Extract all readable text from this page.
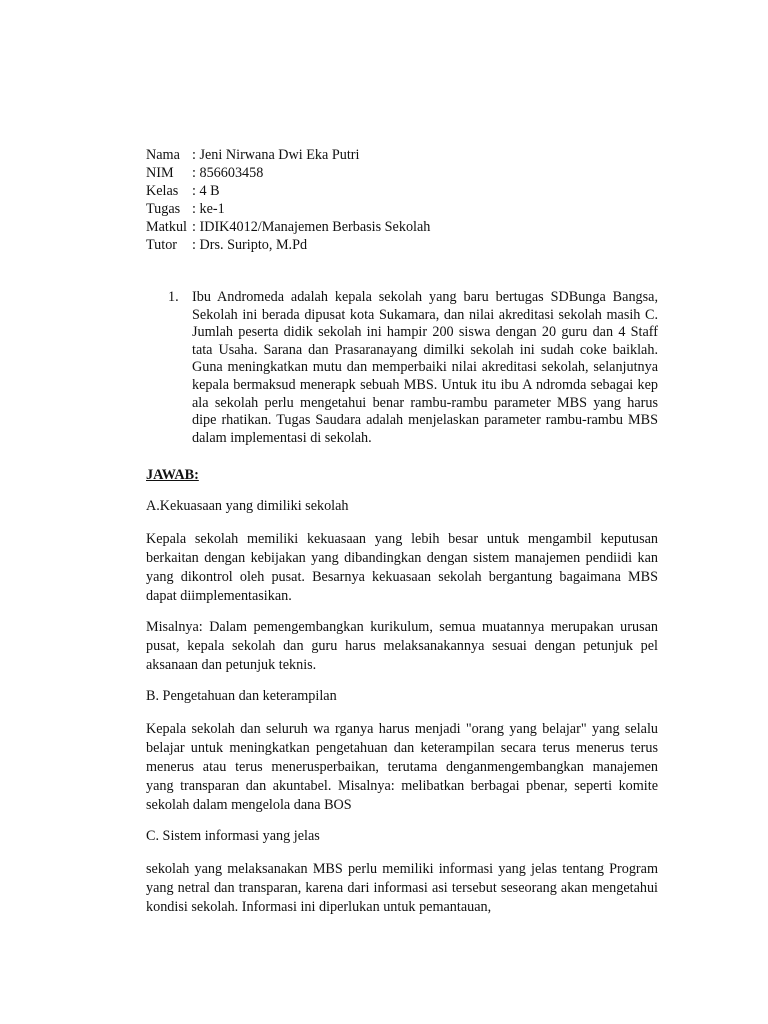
Nama : Jeni Nirwana Dwi Eka Putri
NIM	: 856603458
Kelas : 4 B
Tugas : ke-1
Matkul : IDIK4012/Manajemen Berbasis Sekolah
Tutor	: Drs. Suripto, M.Pd
1. Ibu Andromeda adalah kepala sekolah yang baru bertugas SDBunga Bangsa, Sekolah ini berada dipusat kota Sukamara, dan nilai akreditasi sekolah masih C. Jumlah peserta didik sekolah ini hampir 200 siswa dengan 20 guru dan 4 Staff tata Usaha. Sarana dan Prasaranayang dimilki sekolah ini sudah coke baiklah. Guna meningkatkan mutu dan memperbaiki nilai akreditasi sekolah, selanjutnya kepala bermaksud menerapk sebuah MBS. Untuk itu ibu A ndromda sebagai kep ala sekolah perlu mengetahui benar rambu-rambu parameter MBS yang harus dipe rhatikan. Tugas Saudara adalah menjelaskan parameter rambu-rambu MBS dalam implementasi di sekolah.
JAWAB:
A.Kekuasaan yang dimiliki sekolah
Kepala sekolah memiliki kekuasaan yang lebih besar untuk mengambil keputusan berkaitan dengan kebijakan yang dibandingkan dengan sistem manajemen pendiidi kan yang dikontrol oleh pusat. Besarnya kekuasaan sekolah bergantung bagaimana MBS dapat diimplementasikan.
Misalnya: Dalam pemengembangkan kurikulum, semua muatannya merupakan urusan pusat, kepala sekolah dan guru harus melaksanakannya sesuai dengan petunjuk pel aksanaan dan petunjuk teknis.
B. Pengetahuan dan keterampilan
Kepala sekolah dan seluruh wa rganya harus menjadi "orang yang belajar" yang selalu belajar untuk meningkatkan pengetahuan dan keterampilan secara terus menerus terus menerus atau terus menerusperbaikan, terutama denganmengembangkan manajemen yang transparan dan akuntabel. Misalnya: melibatkan berbagai pbenar, seperti komite sekolah dalam mengelola dana BOS
C. Sistem informasi yang jelas
sekolah yang melaksanakan MBS perlu memiliki informasi yang jelas tentang Program yang netral dan transparan, karena dari informasi asi tersebut seseorang akan mengetahui kondisi sekolah. Informasi ini diperlukan untuk pemantauan,
